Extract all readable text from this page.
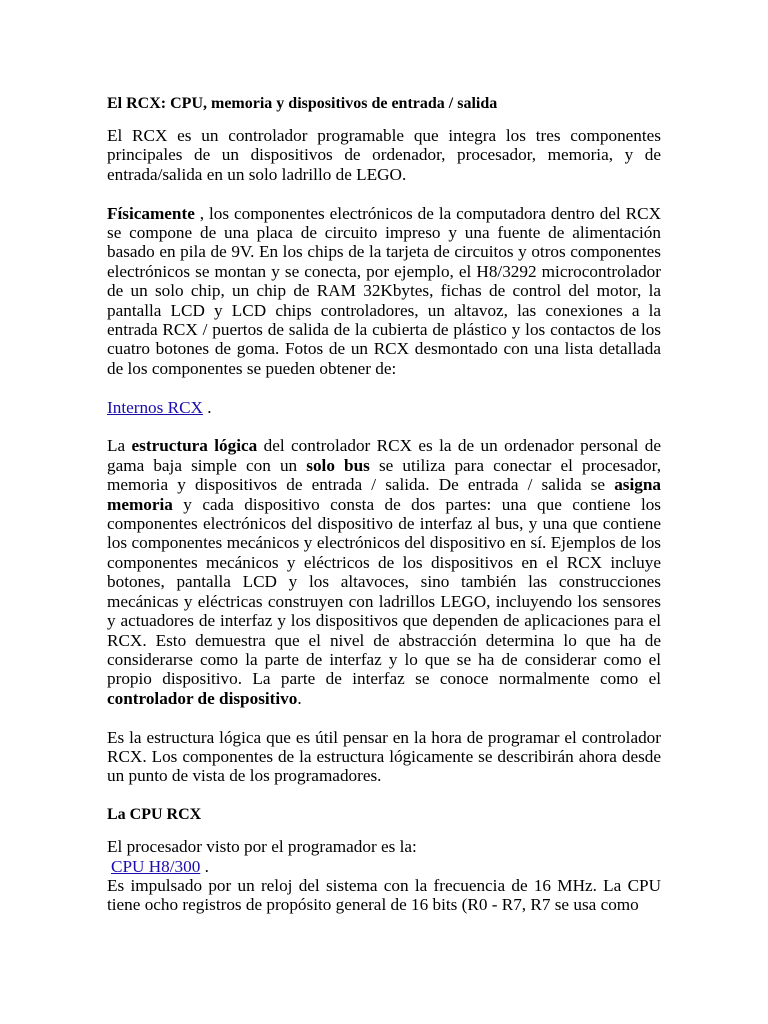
El RCX: CPU, memoria y dispositivos de entrada / salida

El RCX es un controlador programable que integra los tres componentes principales de un dispositivos de ordenador, procesador, memoria, y de entrada/salida en un solo ladrillo de LEGO.

Físicamente , los componentes electrónicos de la computadora dentro del RCX se compone de una placa de circuito impreso y una fuente de alimentación basado en pila de 9V. En los chips de la tarjeta de circuitos y otros componentes electrónicos se montan y se conecta, por ejemplo, el H8/3292 microcontrolador de un solo chip, un chip de RAM 32Kbytes, fichas de control del motor, la pantalla LCD y LCD chips controladores, un altavoz, las conexiones a la entrada RCX / puertos de salida de la cubierta de plástico y los contactos de los cuatro botones de goma. Fotos de un RCX desmontado con una lista detallada de los componentes se pueden obtener de:

Internos RCX .

La estructura lógica del controlador RCX es la de un ordenador personal de gama baja simple con un solo bus se utiliza para conectar el procesador, memoria y dispositivos de entrada / salida. De entrada / salida se asigna memoria y cada dispositivo consta de dos partes: una que contiene los componentes electrónicos del dispositivo de interfaz al bus, y una que contiene los componentes mecánicos y electrónicos del dispositivo en sí. Ejemplos de los componentes mecánicos y eléctricos de los dispositivos en el RCX incluye botones, pantalla LCD y los altavoces, sino también las construcciones mecánicas y eléctricas construyen con ladrillos LEGO, incluyendo los sensores y actuadores de interfaz y los dispositivos que dependen de aplicaciones para el RCX. Esto demuestra que el nivel de abstracción determina lo que ha de considerarse como la parte de interfaz y lo que se ha de considerar como el propio dispositivo. La parte de interfaz se conoce normalmente como el controlador de dispositivo.

Es la estructura lógica que es útil pensar en la hora de programar el controlador RCX. Los componentes de la estructura lógicamente se describirán ahora desde un punto de vista de los programadores.

La CPU RCX
El procesador visto por el programador es la:
CPU H8/300 .
Es impulsado por un reloj del sistema con la frecuencia de 16 MHz. La CPU tiene ocho registros de propósito general de 16 bits (R0 - R7, R7 se usa como
